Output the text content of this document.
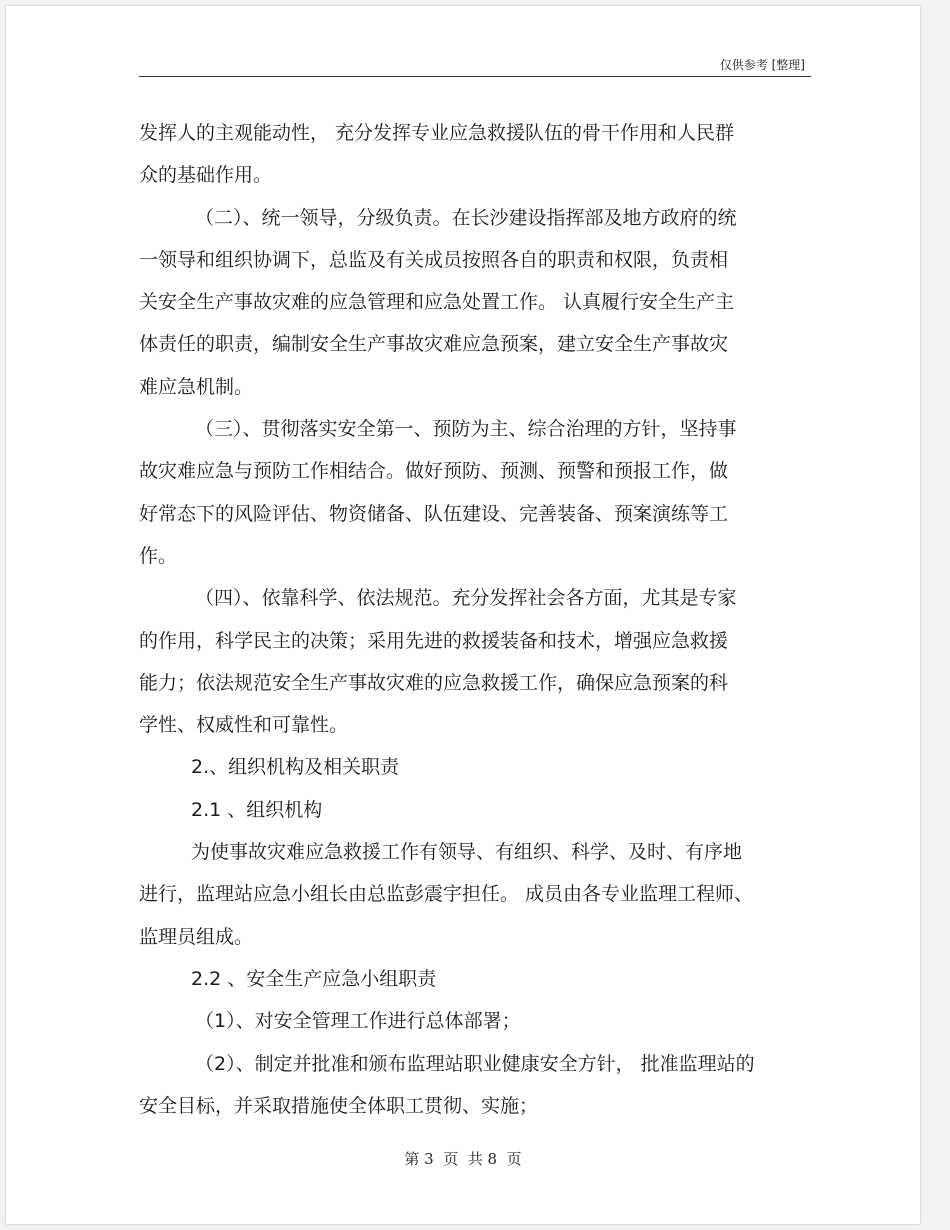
仅供参考 [整理]
发挥人的主观能动性， 充分发挥专业应急救援队伍的骨干作用和人民群
众的基础作用。
（二）、统一领导，分级负责。在长沙建设指挥部及地方政府的统
一领导和组织协调下，总监及有关成员按照各自的职责和权限，负责相
关安全生产事故灾难的应急管理和应急处置工作。 认真履行安全生产主
体责任的职责，编制安全生产事故灾难应急预案，建立安全生产事故灾
难应急机制。
（三）、贯彻落实安全第一、预防为主、综合治理的方针，坚持事
故灾难应急与预防工作相结合。做好预防、预测、预警和预报工作，做
好常态下的风险评估、物资储备、队伍建设、完善装备、预案演练等工
作。
（四）、依靠科学、依法规范。充分发挥社会各方面，尤其是专家
的作用，科学民主的决策；采用先进的救援装备和技术，增强应急救援
能力；依法规范安全生产事故灾难的应急救援工作，确保应急预案的科
学性、权威性和可靠性。
2.、组织机构及相关职责
2.1 、组织机构
为使事故灾难应急救援工作有领导、有组织、科学、及时、有序地
进行，监理站应急小组长由总监彭震宇担任。 成员由各专业监理工程师、
监理员组成。
2.2 、安全生产应急小组职责
（1）、对安全管理工作进行总体部署；
（2）、制定并批准和颁布监理站职业健康安全方针， 批准监理站的
安全目标，并采取措施使全体职工贯彻、实施；
第 3  页  共 8  页
